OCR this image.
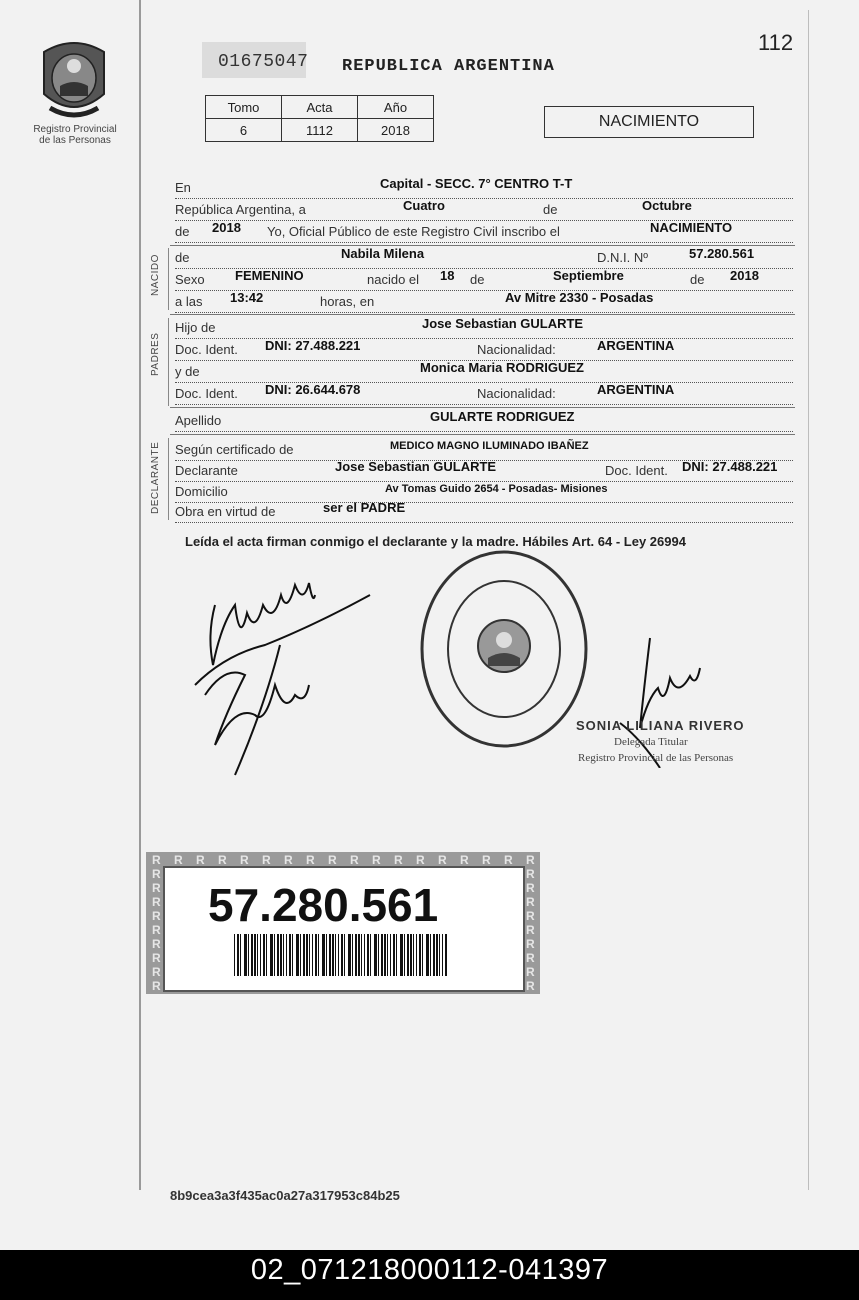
112
Registro Provincial
de las Personas
01675047 REPUBLICA ARGENTINA
Tomo	Acta	Año
6	1112	2018	NACIMIENTO
En	Capital - SECC. 7° CENTRO T-T
República Argentina, a	Cuatro	de	Octubre
de 2018 Yo, Oficial Público de este Registro Civil inscribo el	NACIMIENTO
NACIDO de	Nabila Milena	D.N.I. Nº	57.280.561
Sexo FEMENINO	nacido el 18 de	Septiembre	de 2018
a las 13:42	horas, en	Av Mitre 2330 - Posadas
PADRES
Hijo de	Jose Sebastian GULARTE
Doc. Ident. DNI: 27.488.221	Nacionalidad:	ARGENTINA
y de	Monica Maria RODRIGUEZ
Doc. Ident. DNI: 26.644.678	Nacionalidad:	ARGENTINA
Apellido	GULARTE RODRIGUEZ
DECLARANTE Según certificado de	MEDICO MAGNO ILUMINADO IBAÑEZ
Declarante	Jose Sebastian GULARTE	Doc. Ident. DNI: 27.488.221
Domicilio	Av Tomas Guido 2654 - Posadas- Misiones
Obra en virtud de	ser el PADRE
Leída el acta firman conmigo el declarante y la madre. Hábiles Art. 64 - Ley 26994
SONIA LILIANA RIVERO
Delegada Titular
Registro Provincial de las Personas
57.280.561
8b9cea3a3f435ac0a27a317953c84b25
02_071218000112-041397
